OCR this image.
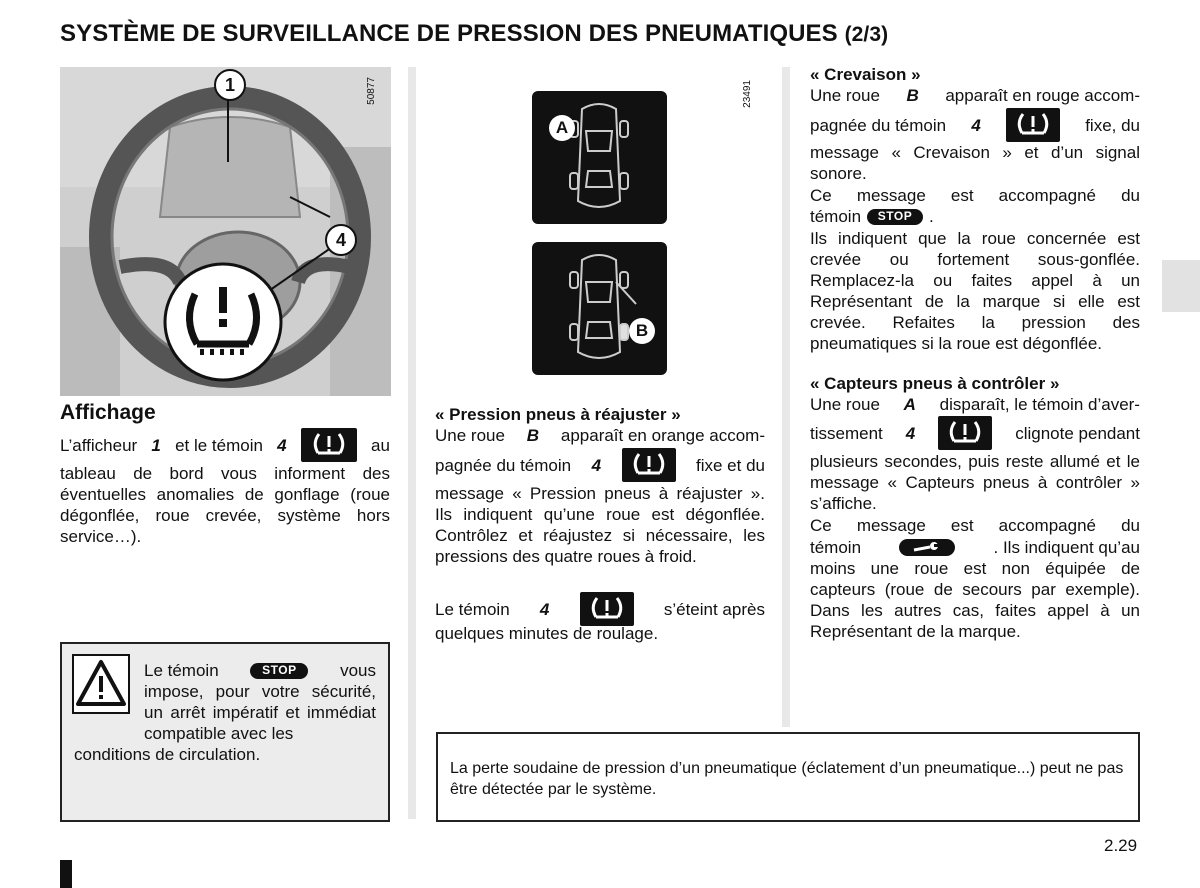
SYSTÈME DE SURVEILLANCE DE PRESSION DES PNEUMATIQUES (2/3)
1
4
50877
Affichage
L’afficheur 1 et le témoin 4	au
tableau de bord vous informent des éventuelles anomalies de gonflage (roue dégonflée, roue crevée, système hors service…).
Le témoin	STOP	vous
impose, pour votre sécurité, un arrêt impératif et immédiat compatible avec les
conditions de circulation.
A
B
23491
« Pression pneus à réajuster »
Une roue B apparaît en orange accom-
pagnée du témoin 4	fixe et du
message « Pression pneus à réajuster ». Ils indiquent qu’une roue est dégonflée. Contrôlez et réajustez si nécessaire, les pressions des quatre roues à froid.
Le témoin 4	s’éteint après
quelques minutes de roulage.
« Crevaison »
Une roue B apparaît en rouge accom-
pagnée du témoin 4	fixe, du
message « Crevaison » et d’un signal sonore.
Ce message est accompagné du
témoin	STOP .
Ils indiquent que la roue concernée est crevée ou fortement sous-gonflée. Remplacez-la ou faites appel à un Représentant de la marque si elle est crevée. Refaites la pression des pneumatiques si la roue est dégonflée.
« Capteurs pneus à contrôler »
Une roue A disparaît, le témoin d’aver-
tissement 4	clignote pendant
plusieurs secondes, puis reste allumé et le message « Capteurs pneus à contrôler » s’affiche.
Ce message est accompagné du
témoin	. Ils indiquent qu’au
moins une roue est non équipée de capteurs (roue de secours par exemple). Dans les autres cas, faites appel à un Représentant de la marque.
La perte soudaine de pression d’un pneumatique (éclatement d’un pneumatique...) peut ne pas être détectée par le système.
2.29
